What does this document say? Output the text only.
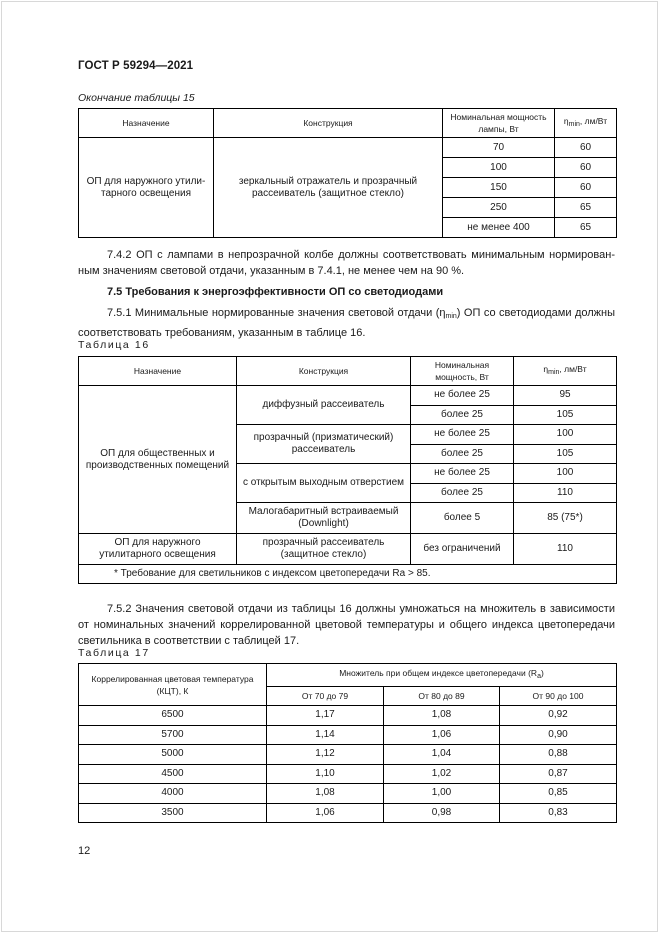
ГОСТ Р 59294—2021
Окончание таблицы 15
Назначение	Конструкция	Номинальная мощность лампы, Вт	$\eta_{min}$, лм/Вт
ОП для наружного утили-тарного освещения	зеркальный отражатель и прозрачный рассеиватель (защитное стекло)	70	60
		100	60
		150	60
		250	65
		не менее 400	65
7.4.2 ОП с лампами в непрозрачной колбе должны соответствовать минимальным нормирован-ным значениям световой отдачи, указанным в 7.4.1, не менее чем на 90 %.
7.5 Требования к энергоэффективности ОП со светодиодами
7.5.1 Минимальные нормированные значения световой отдачи $(\eta_{min})$ ОП со светодиодами должны соответствовать требованиям, указанным в таблице 16.
Таблица 16
Назначение	Конструкция	Номинальная мощность, Вт	$\eta_{min}$, лм/Вт
ОП для общественных и производственных помещений	диффузный рассеиватель	не более 25	95
		более 25	105
	прозрачный (призматический) рассеиватель	не более 25	100
		более 25	105
	с открытым выходным отверстием	не более 25	100
		более 25	110
	Малогабаритный встраиваемый (Downlight)	более 5	85 (75*)
ОП для наружного утилитарного освещения	прозрачный рассеиватель (защитное стекло)	без ограничений	110
* Требование для светильников с индексом цветопередачи Ra > 85.			
7.5.2 Значения световой отдачи из таблицы 16 должны умножаться на множитель в зависимости от номинальных значений коррелированной цветовой температуры и общего индекса цветопередачи светильника в соответствии с таблицей 17.
Таблица 17
Коррелированная цветовая температура (КЦТ), К	Множитель при общем индексе цветопередачи $(R_a)$		
	От 70 до 79	От 80 до 89	От 90 до 100
6500	1,17	1,08	0,92
5700	1,14	1,06	0,90
5000	1,12	1,04	0,88
4500	1,10	1,02	0,87
4000	1,08	1,00	0,85
3500	1,06	0,98	0,83
12
